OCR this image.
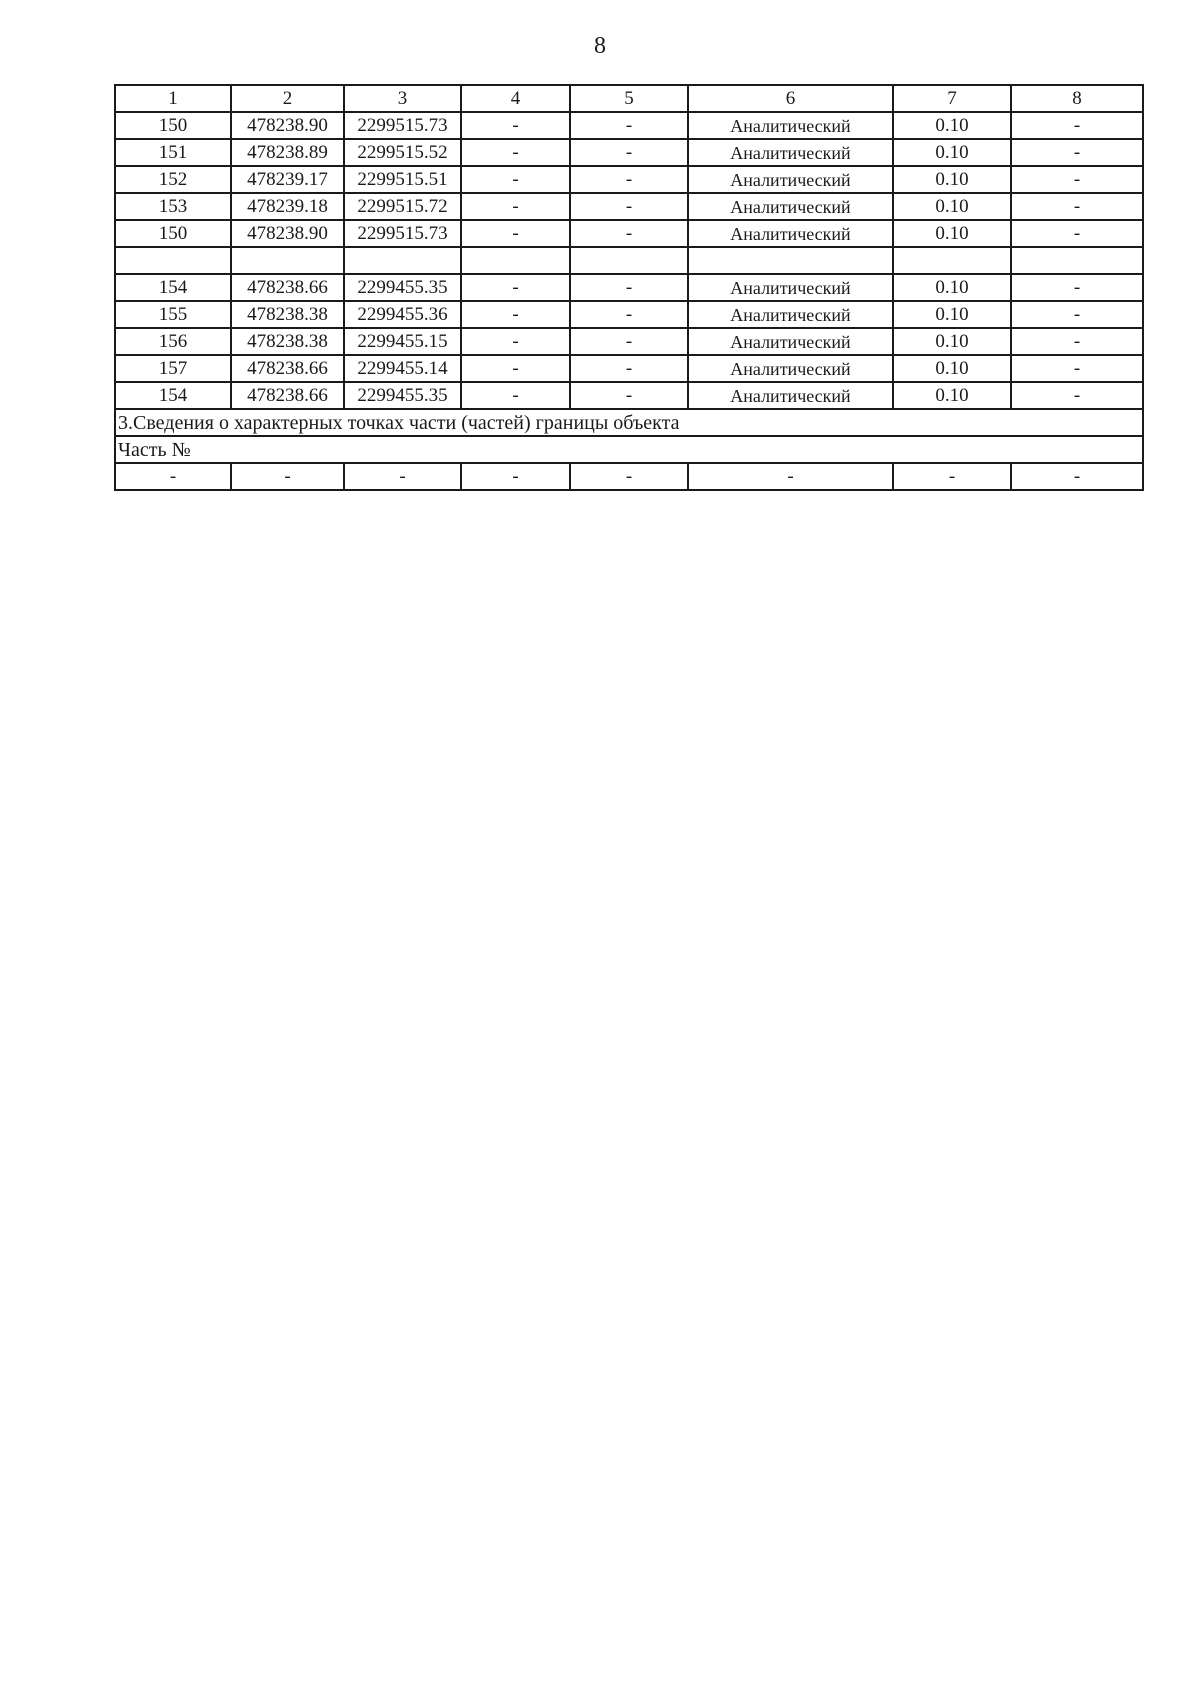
8
1	2	3	4	5	6	7	8
150	478238.90	2299515.73	-	-	Аналитический	0.10	-
151	478238.89	2299515.52	-	-	Аналитический	0.10	-
152	478239.17	2299515.51	-	-	Аналитический	0.10	-
153	478239.18	2299515.72	-	-	Аналитический	0.10	-
150	478238.90	2299515.73	-	-	Аналитический	0.10	-

154	478238.66	2299455.35	-	-	Аналитический	0.10	-
155	478238.38	2299455.36	-	-	Аналитический	0.10	-
156	478238.38	2299455.15	-	-	Аналитический	0.10	-
157	478238.66	2299455.14	-	-	Аналитический	0.10	-
154	478238.66	2299455.35	-	-	Аналитический	0.10	-
3.Сведения о характерных точках части (частей) границы объекта							
Часть №							
-	-	-	-	-	-	-	-
